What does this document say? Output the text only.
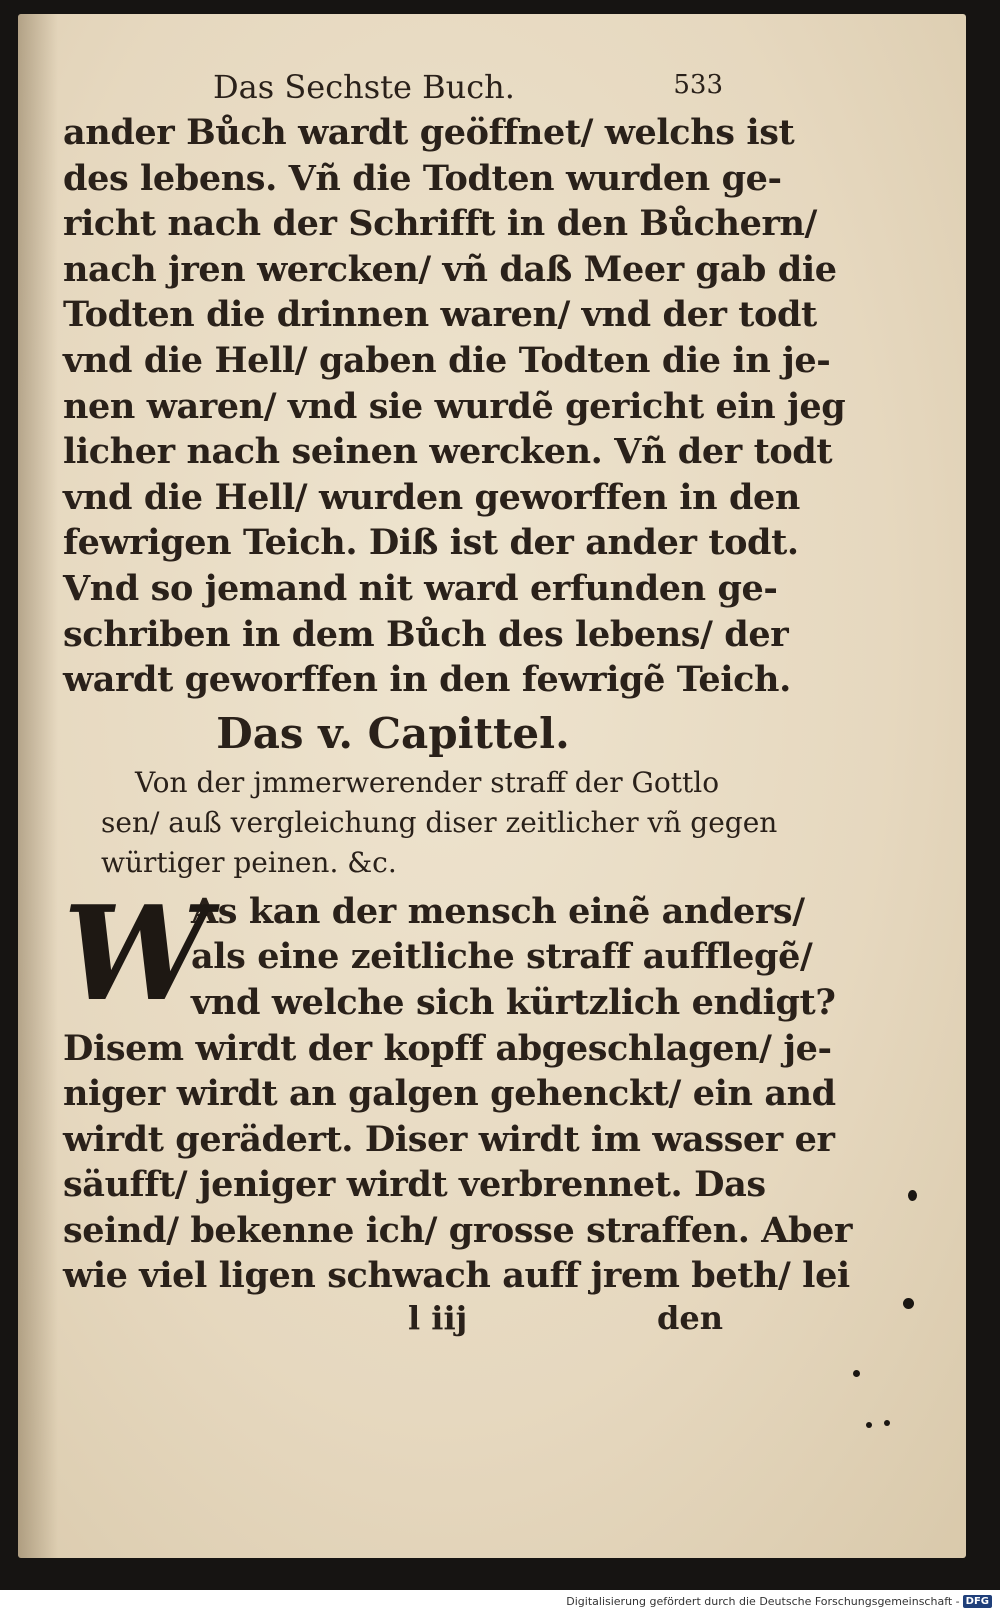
Das Sechste Buch.	533
ander Bůch wardt geöffnet/ welchs ist
des lebens. Vñ die Todten wurden ge-
richt nach der Schrifft in den Bůchern/
nach jren wercken/ vñ daß Meer gab die
Todten die drinnen waren/ vnd der todt
vnd die Hell/ gaben die Todten die in je-
nen waren/ vnd sie wurdẽ gericht ein jeg
licher nach seinen wercken. Vñ der todt
vnd die Hell/ wurden geworffen in den
fewrigen Teich. Diß ist der ander todt.
Vnd so jemand nit ward erfunden ge-
schriben in dem Bůch des lebens/ der
wardt geworffen in den fewrigẽ Teich.
Das v. Capittel.
Von der jmmerwerender straff der Gottlo
sen/ auß vergleichung diser zeitlicher vñ gegen
würtiger peinen. &c.
W
As kan der mensch einẽ anders/
als eine zeitliche straff aufflegẽ/
vnd welche sich kürtzlich endigt?
Disem wirdt der kopff abgeschlagen/ je-
niger wirdt an galgen gehenckt/ ein and
wirdt gerädert. Diser wirdt im wasser er
säufft/ jeniger wirdt verbrennet. Das
seind/ bekenne ich/ grosse straffen. Aber
wie viel ligen schwach auff jrem beth/ lei
l iij	den
Digitalisierung gefördert durch die Deutsche Forschungsgemeinschaft - DFG
